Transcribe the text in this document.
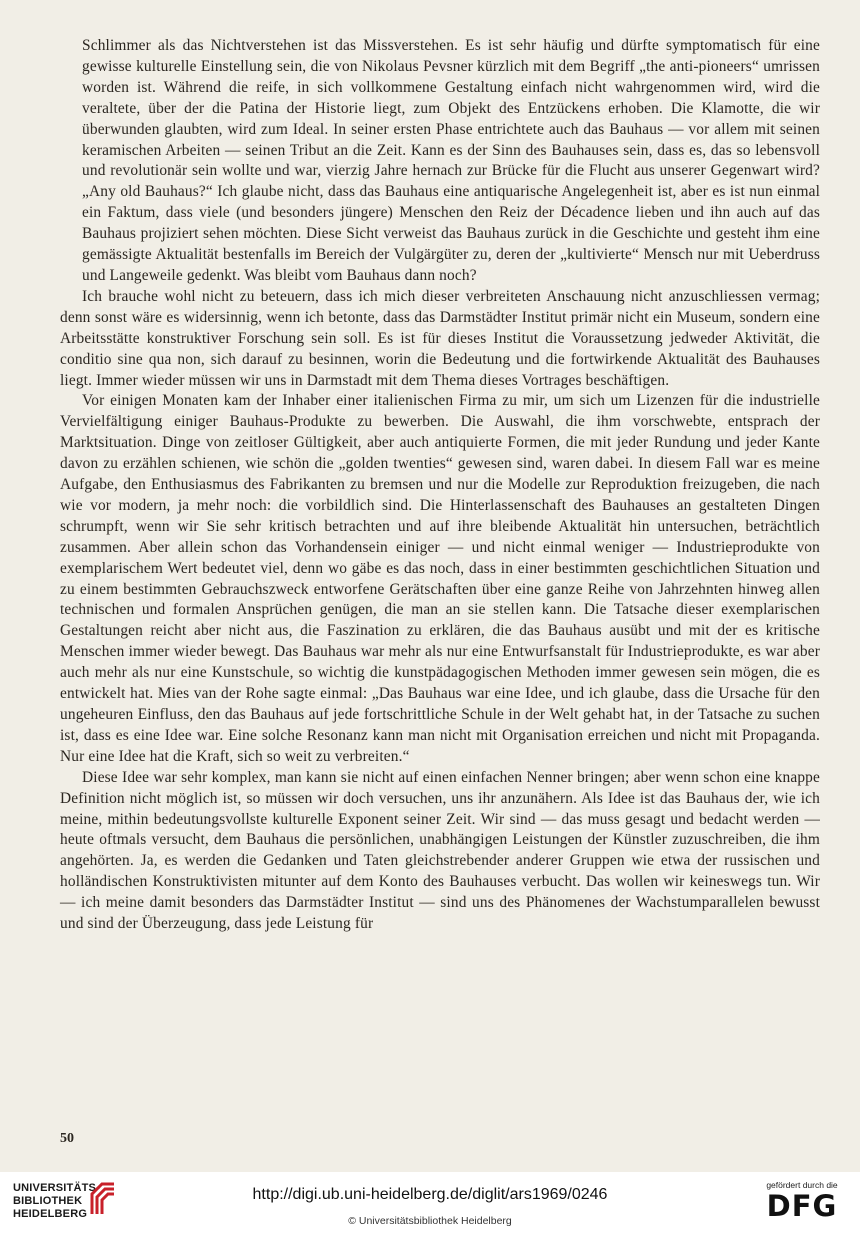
Schlimmer als das Nichtverstehen ist das Missverstehen. Es ist sehr häufig und dürfte symptomatisch für eine gewisse kulturelle Einstellung sein, die von Nikolaus Pevsner kürzlich mit dem Begriff „the anti-pioneers“ umrissen worden ist. Während die reife, in sich vollkommene Gestaltung einfach nicht wahrgenommen wird, wird die veraltete, über der die Patina der Historie liegt, zum Objekt des Entzückens erhoben. Die Klamotte, die wir überwunden glaubten, wird zum Ideal. In seiner ersten Phase entrichtete auch das Bauhaus — vor allem mit seinen keramischen Arbeiten — seinen Tribut an die Zeit. Kann es der Sinn des Bauhauses sein, dass es, das so lebensvoll und revolutionär sein wollte und war, vierzig Jahre hernach zur Brücke für die Flucht aus unserer Gegenwart wird? „Any old Bauhaus?“ Ich glaube nicht, dass das Bauhaus eine antiquarische Angelegenheit ist, aber es ist nun einmal ein Faktum, dass viele (und besonders jüngere) Menschen den Reiz der Décadence lieben und ihn auch auf das Bauhaus projiziert sehen möchten. Diese Sicht verweist das Bauhaus zurück in die Geschichte und gesteht ihm eine gemässigte Aktualität bestenfalls im Bereich der Vulgärgüter zu, deren der „kultivierte“ Mensch nur mit Ueberdruss und Langeweile gedenkt. Was bleibt vom Bauhaus dann noch?

Ich brauche wohl nicht zu beteuern, dass ich mich dieser verbreiteten Anschauung nicht anzuschliessen vermag; denn sonst wäre es widersinnig, wenn ich betonte, dass das Darmstädter Institut primär nicht ein Museum, sondern eine Arbeitsstätte konstruktiver Forschung sein soll. Es ist für dieses Institut die Voraussetzung jedweder Aktivität, die conditio sine qua non, sich darauf zu besinnen, worin die Bedeutung und die fortwirkende Aktualität des Bauhauses liegt. Immer wieder müssen wir uns in Darmstadt mit dem Thema dieses Vortrages beschäftigen.

Vor einigen Monaten kam der Inhaber einer italienischen Firma zu mir, um sich um Lizenzen für die industrielle Vervielfältigung einiger Bauhaus-Produkte zu bewerben. Die Auswahl, die ihm vorschwebte, entsprach der Marktsituation. Dinge von zeitloser Gültigkeit, aber auch antiquierte Formen, die mit jeder Rundung und jeder Kante davon zu erzählen schienen, wie schön die „golden twenties“ gewesen sind, waren dabei. In diesem Fall war es meine Aufgabe, den Enthusiasmus des Fabrikanten zu bremsen und nur die Modelle zur Reproduktion freizugeben, die nach wie vor modern, ja mehr noch: die vorbildlich sind. Die Hinterlassenschaft des Bauhauses an gestalteten Dingen schrumpft, wenn wir Sie sehr kritisch betrachten und auf ihre bleibende Aktualität hin untersuchen, beträchtlich zusammen. Aber allein schon das Vorhandensein einiger — und nicht einmal weniger — Industrieprodukte von exemplarischem Wert bedeutet viel, denn wo gäbe es das noch, dass in einer bestimmten geschichtlichen Situation und zu einem bestimmten Gebrauchszweck entworfene Gerätschaften über eine ganze Reihe von Jahrzehnten hinweg allen technischen und formalen Ansprüchen genügen, die man an sie stellen kann. Die Tatsache dieser exemplarischen Gestaltungen reicht aber nicht aus, die Faszination zu erklären, die das Bauhaus ausübt und mit der es kritische Menschen immer wieder bewegt. Das Bauhaus war mehr als nur eine Entwurfsanstalt für Industrieprodukte, es war aber auch mehr als nur eine Kunstschule, so wichtig die kunstpädagogischen Methoden immer gewesen sein mögen, die es entwickelt hat. Mies van der Rohe sagte einmal: „Das Bauhaus war eine Idee, und ich glaube, dass die Ursache für den ungeheuren Einfluss, den das Bauhaus auf jede fortschrittliche Schule in der Welt gehabt hat, in der Tatsache zu suchen ist, dass es eine Idee war. Eine solche Resonanz kann man nicht mit Organisation erreichen und nicht mit Propaganda. Nur eine Idee hat die Kraft, sich so weit zu verbreiten.“

Diese Idee war sehr komplex, man kann sie nicht auf einen einfachen Nenner bringen; aber wenn schon eine knappe Definition nicht möglich ist, so müssen wir doch versuchen, uns ihr anzunähern. Als Idee ist das Bauhaus der, wie ich meine, mithin bedeutungsvollste kulturelle Exponent seiner Zeit. Wir sind — das muss gesagt und bedacht werden — heute oftmals versucht, dem Bauhaus die persönlichen, unabhängigen Leistungen der Künstler zuzuschreiben, die ihm angehörten. Ja, es werden die Gedanken und Taten gleichstrebender anderer Gruppen wie etwa der russischen und holländischen Konstruktivisten mitunter auf dem Konto des Bauhauses verbucht. Das wollen wir keineswegs tun. Wir — ich meine damit besonders das Darmstädter Institut — sind uns des Phänomenes der Wachstumparallelen bewusst und sind der Überzeugung, dass jede Leistung für

50
UNIVERSITÄTS-
BIBLIOTHEK
HEIDELBERG
http://digi.ub.uni-heidelberg.de/diglit/ars1969/0246
© Universitätsbibliothek Heidelberg
gefördert durch die
DFG
